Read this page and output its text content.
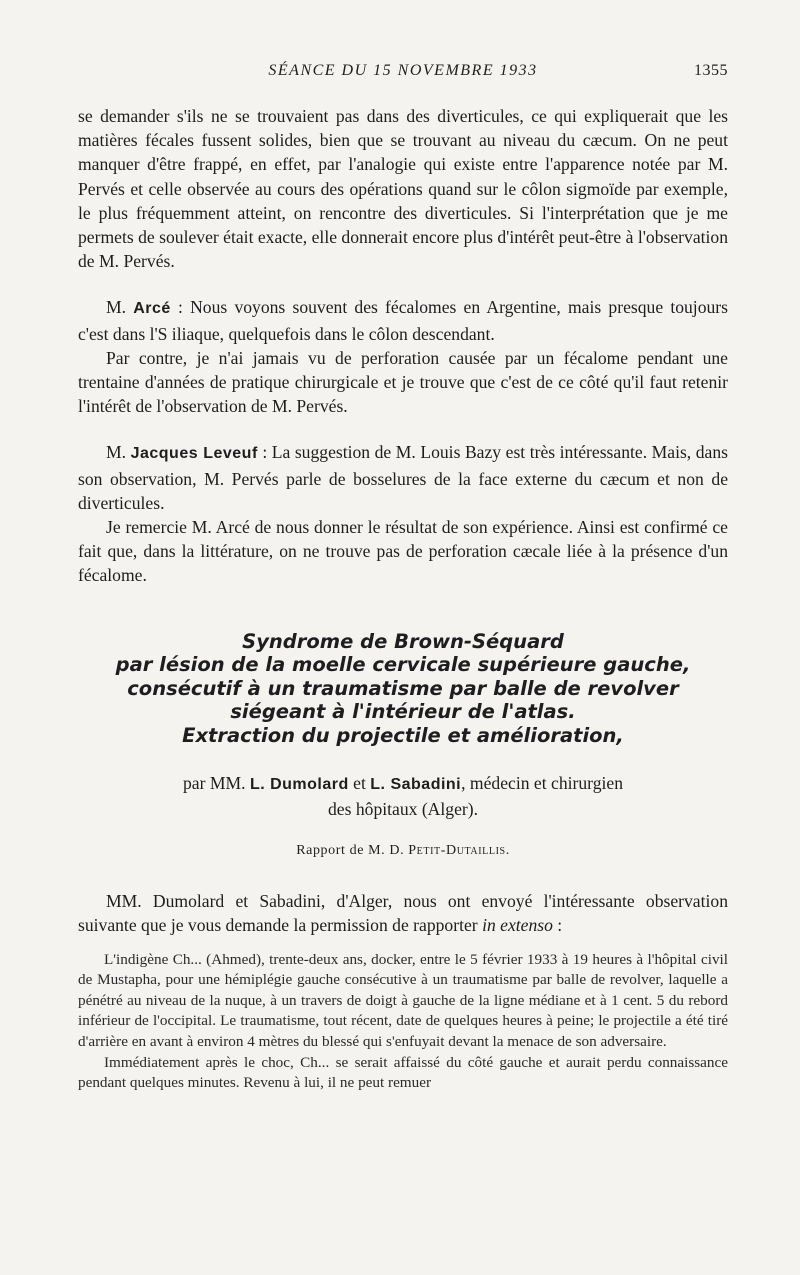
SÉANCE DU 15 NOVEMBRE 1933	1355

se demander s'ils ne se trouvaient pas dans des diverticules, ce qui expliquerait que les matières fécales fussent solides, bien que se trouvant au niveau du cæcum. On ne peut manquer d'être frappé, en effet, par l'analogie qui existe entre l'apparence notée par M. Pervés et celle observée au cours des opérations quand sur le côlon sigmoïde par exemple, le plus fréquemment atteint, on rencontre des diverticules. Si l'interprétation que je me permets de soulever était exacte, elle donnerait encore plus d'intérêt peut-être à l'observation de M. Pervés.

M. Arcé : Nous voyons souvent des fécalomes en Argentine, mais presque toujours c'est dans l'S iliaque, quelquefois dans le côlon descendant.

Par contre, je n'ai jamais vu de perforation causée par un fécalome pendant une trentaine d'années de pratique chirurgicale et je trouve que c'est de ce côté qu'il faut retenir l'intérêt de l'observation de M. Pervés.

M. Jacques Leveuf : La suggestion de M. Louis Bazy est très intéressante. Mais, dans son observation, M. Pervés parle de bosselures de la face externe du cæcum et non de diverticules.

Je remercie M. Arcé de nous donner le résultat de son expérience. Ainsi est confirmé ce fait que, dans la littérature, on ne trouve pas de perforation cæcale liée à la présence d'un fécalome.

Syndrome de Brown-Séquard
par lésion de la moelle cervicale supérieure gauche,
consécutif à un traumatisme par balle de revolver
siégeant à l'intérieur de l'atlas.
Extraction du projectile et amélioration,
par MM. L. Dumolard et L. Sabadini, médecin et chirurgien
des hôpitaux (Alger).
Rapport de M. D. Petit-Dutaillis.

MM. Dumolard et Sabadini, d'Alger, nous ont envoyé l'intéressante observation suivante que je vous demande la permission de rapporter in extenso :

L'indigène Ch... (Ahmed), trente-deux ans, docker, entre le 5 février 1933 à 19 heures à l'hôpital civil de Mustapha, pour une hémiplégie gauche consécutive à un traumatisme par balle de revolver, laquelle a pénétré au niveau de la nuque, à un travers de doigt à gauche de la ligne médiane et à 1 cent. 5 du rebord inférieur de l'occipital. Le traumatisme, tout récent, date de quelques heures à peine; le projectile a été tiré d'arrière en avant à environ 4 mètres du blessé qui s'enfuyait devant la menace de son adversaire.

Immédiatement après le choc, Ch... se serait affaissé du côté gauche et aurait perdu connaissance pendant quelques minutes. Revenu à lui, il ne peut remuer
